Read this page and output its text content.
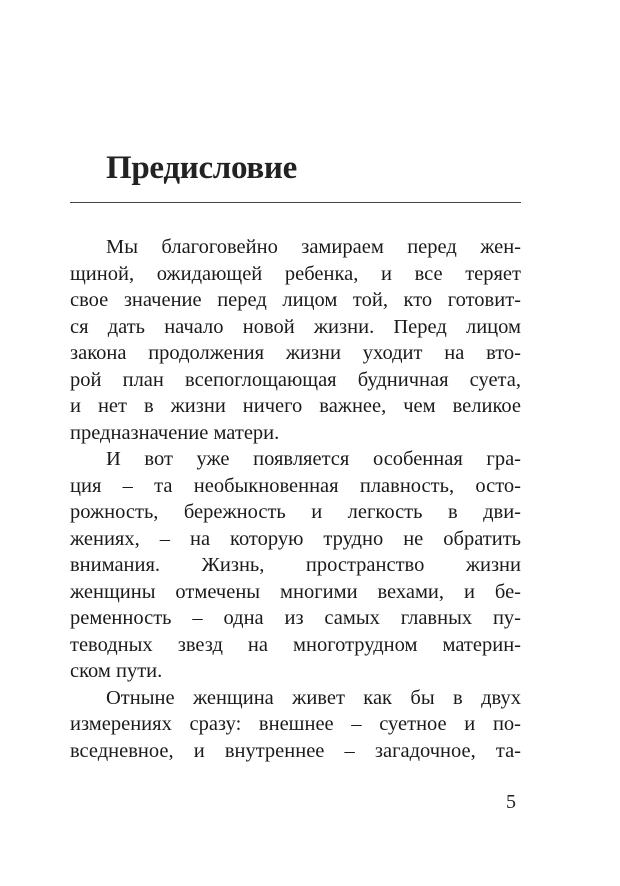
Предисловие
Мы благоговейно замираем перед жен-
щиной, ожидающей ребенка, и все теряет
свое значение перед лицом той, кто готовит-
ся дать начало новой жизни. Перед лицом
закона продолжения жизни уходит на вто-
рой план всепоглощающая будничная суета,
и нет в жизни ничего важнее, чем великое
предназначение матери.
И вот уже появляется особенная гра-
ция – та необыкновенная плавность, осто-
рожность, бережность и легкость в дви-
жениях, – на которую трудно не обратить
внимания. Жизнь, пространство жизни
женщины отмечены многими вехами, и бе-
ременность – одна из самых главных пу-
теводных звезд на многотрудном материн-
ском пути.
Отныне женщина живет как бы в двух
измерениях сразу: внешнее – суетное и по-
вседневное, и внутреннее – загадочное, та-
5
